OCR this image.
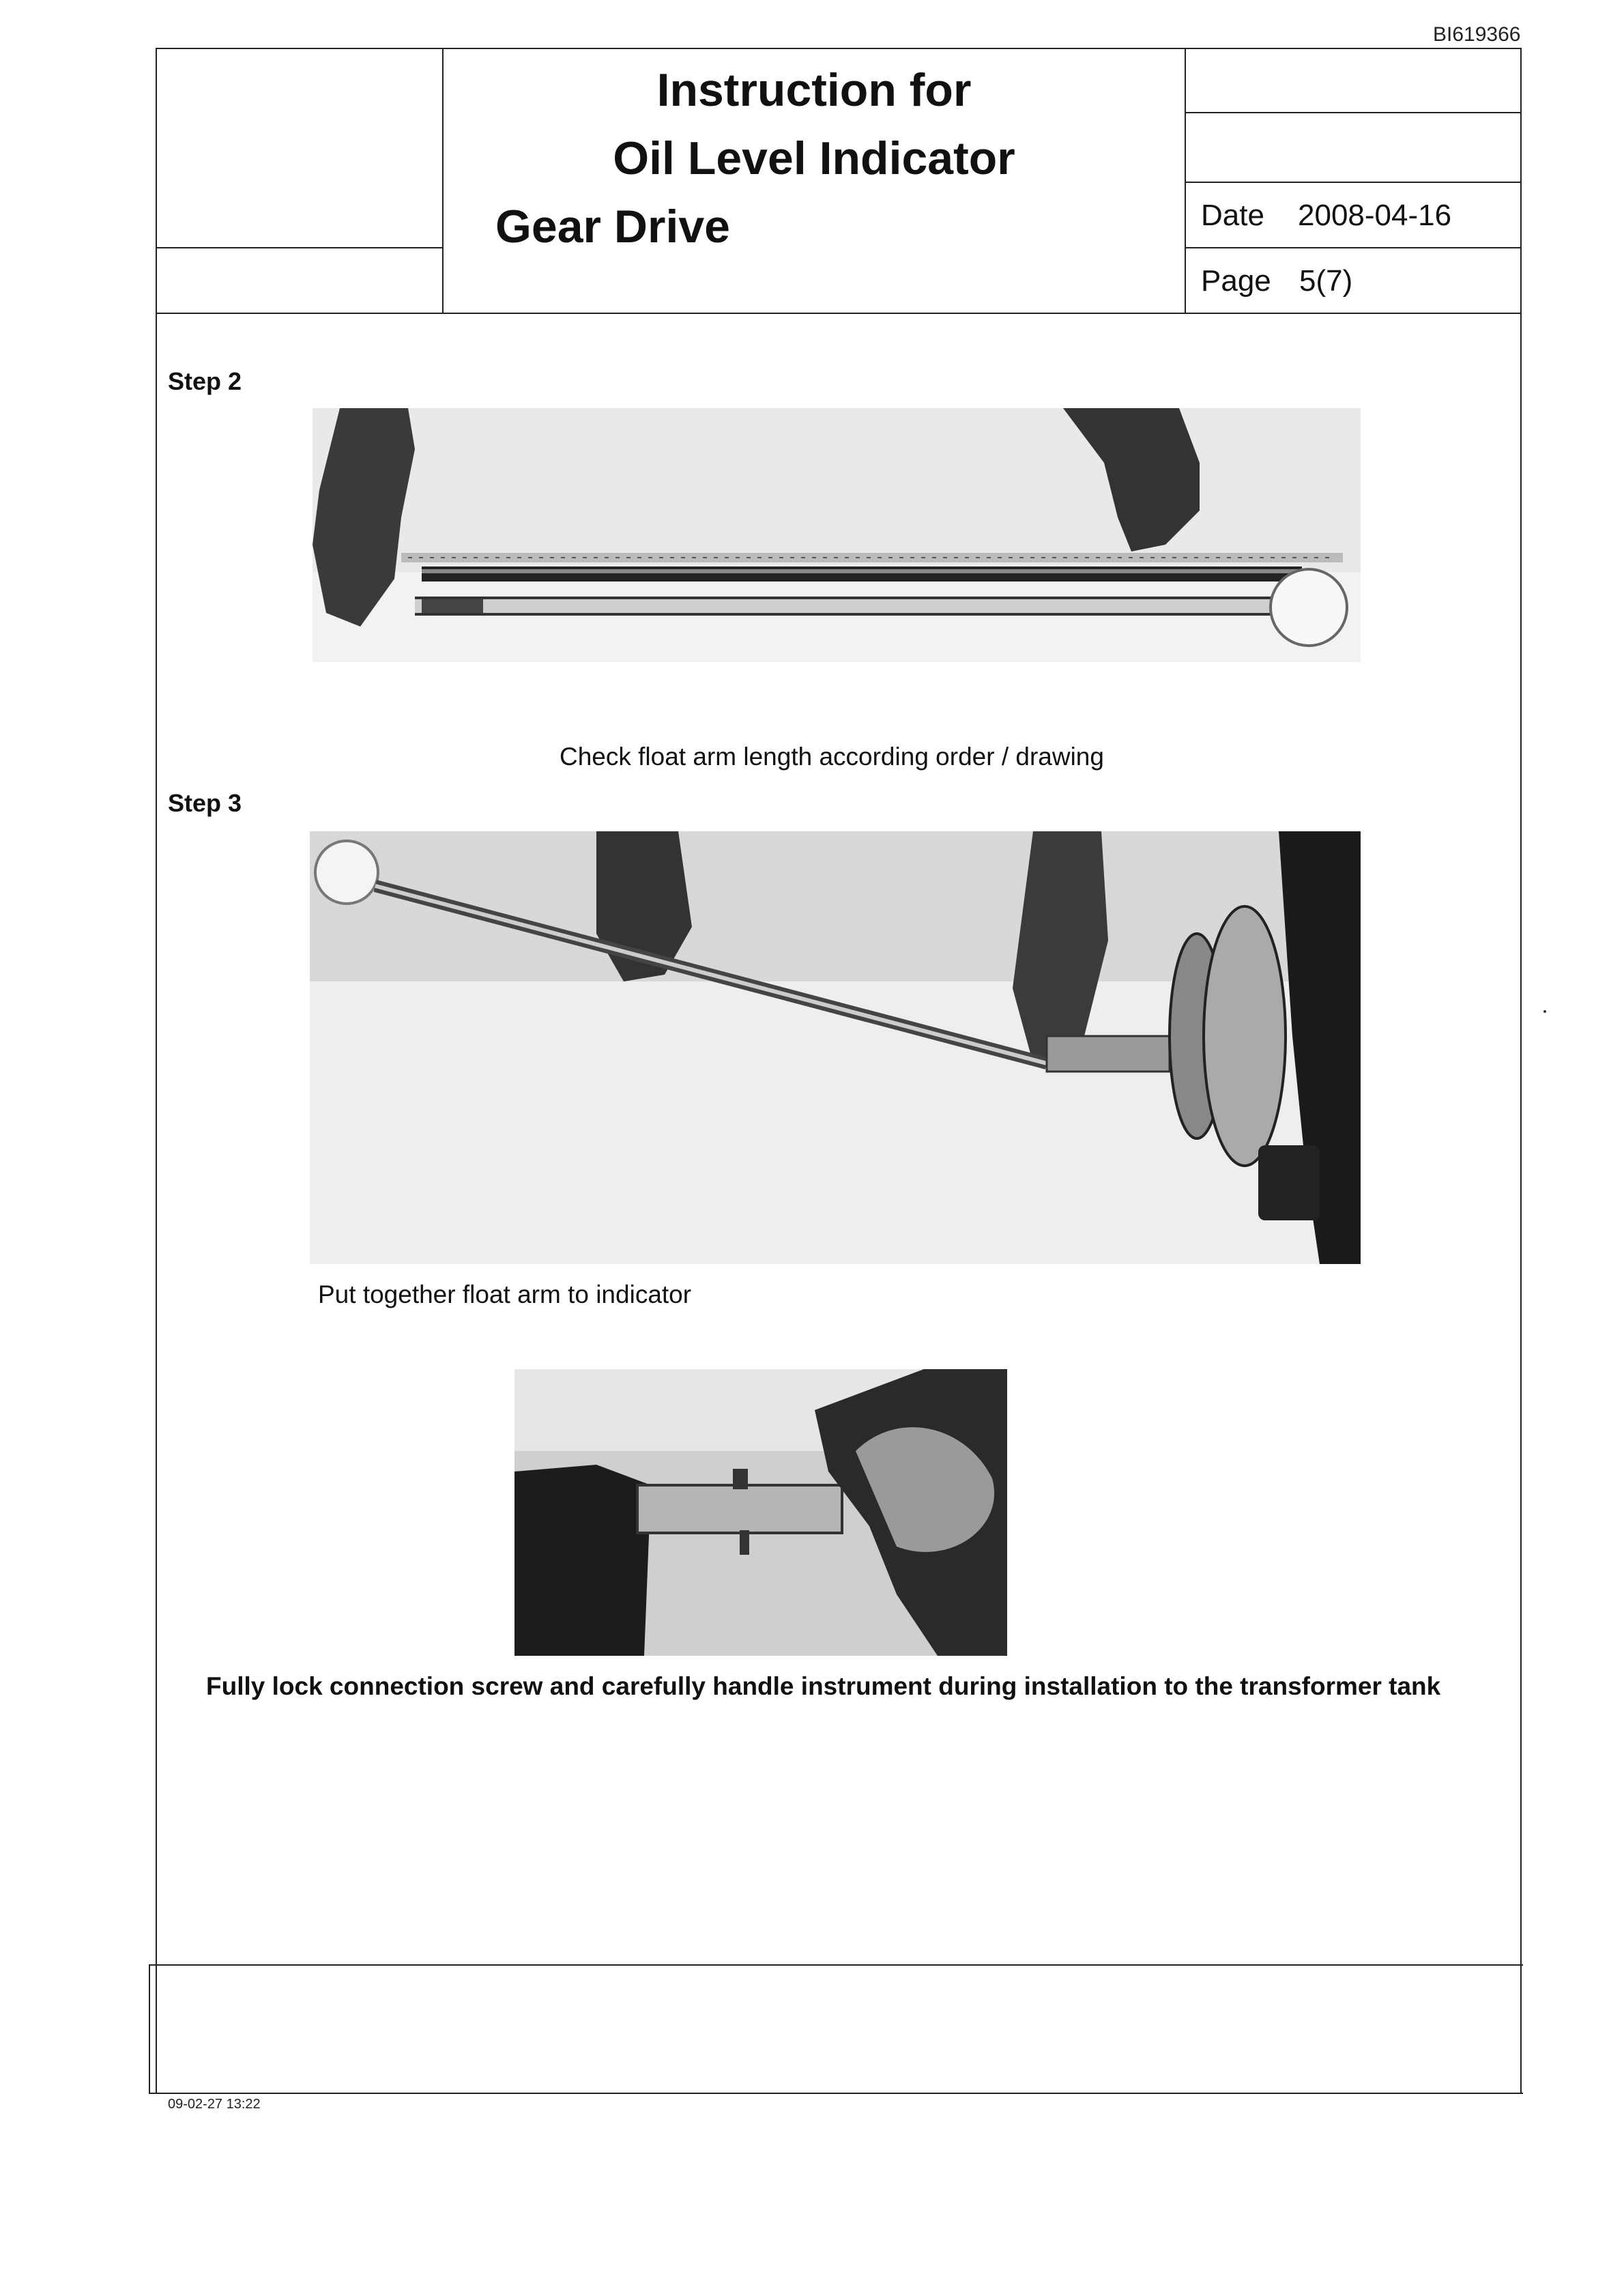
BI619366
Instruction for
Oil Level Indicator
Gear Drive	Date 2008-04-16
Page 5(7)
Step 2
Check float arm length according order / drawing
Step 3
Put together float arm to indicator
Fully lock connection screw and carefully handle instrument during installation to the transformer tank
09-02-27 13:22
